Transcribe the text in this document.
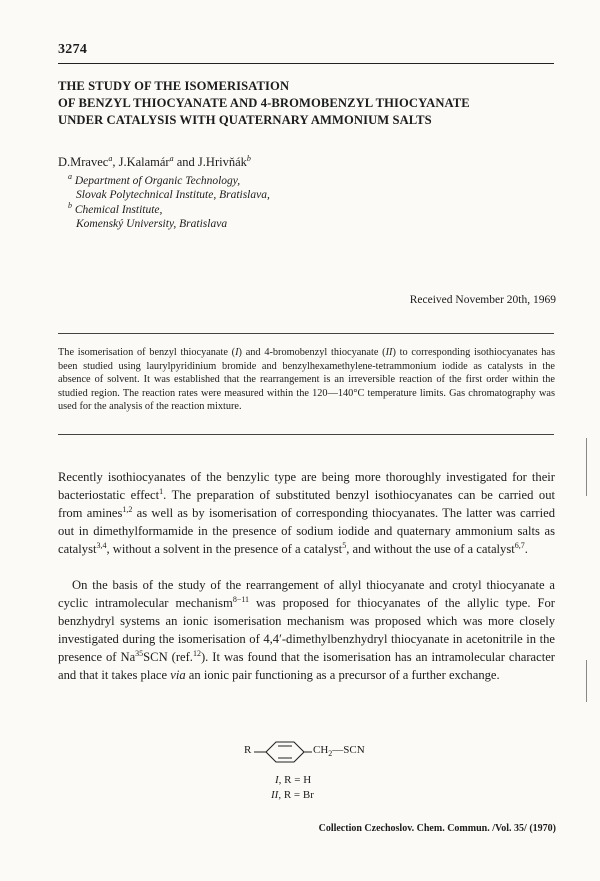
3274
THE STUDY OF THE ISOMERISATION
OF BENZYL THIOCYANATE AND 4-BROMOBENZYL THIOCYANATE
UNDER CATALYSIS WITH QUATERNARY AMMONIUM SALTS
D.Mravec$^a$, J.Kalamár$^a$ and J.Hrivňák$^b$
$^a$ Department of Organic Technology,
Slovak Polytechnical Institute, Bratislava,
$^b$ Chemical Institute,
Komenský University, Bratislava
Received November 20th, 1969
The isomerisation of benzyl thiocyanate (I) and 4-bromobenzyl thiocyanate (II) to corresponding isothiocyanates has been studied using laurylpyridinium bromide and benzylhexamethylene-tetrammonium iodide as catalysts in the absence of solvent. It was established that the rearrangement is an irreversible reaction of the first order within the studied region. The reaction rates were measured within the 120—140°C temperature limits. Gas chromatography was used for the analysis of the reaction mixture.
Recently isothiocyanates of the benzylic type are being more thoroughly investigated for their bacteriostatic effect$^1$. The preparation of substituted benzyl isothiocyanates can be carried out from amines$^{1,2}$ as well as by isomerisation of corresponding thiocyanates. The latter was carried out in dimethylformamide in the presence of sodium iodide and quaternary ammonium salts as catalyst$^{3,4}$, without a solvent in the presence of a catalyst$^5$, and without the use of a catalyst$^{6,7}$.
On the basis of the study of the rearrangement of allyl thiocyanate and crotyl thiocyanate a cyclic intramolecular mechanism$^{8-11}$ was proposed for thiocyanates of the allylic type. For benzhydryl systems an ionic isomerisation mechanism was proposed which was more closely investigated during the isomerisation of 4,4′-dimethylbenzhydryl thiocyanate in acetonitrile in the presence of Na$^{35}$SCN (ref.$^{12}$). It was found that the isomerisation has an intramolecular character and that it takes place via an ionic pair functioning as a precursor of a further exchange.
R	$CH_2—SCN$
I, R = H
II, R = Br
Collection Czechoslov. Chem. Commun. /Vol. 35/ (1970)
